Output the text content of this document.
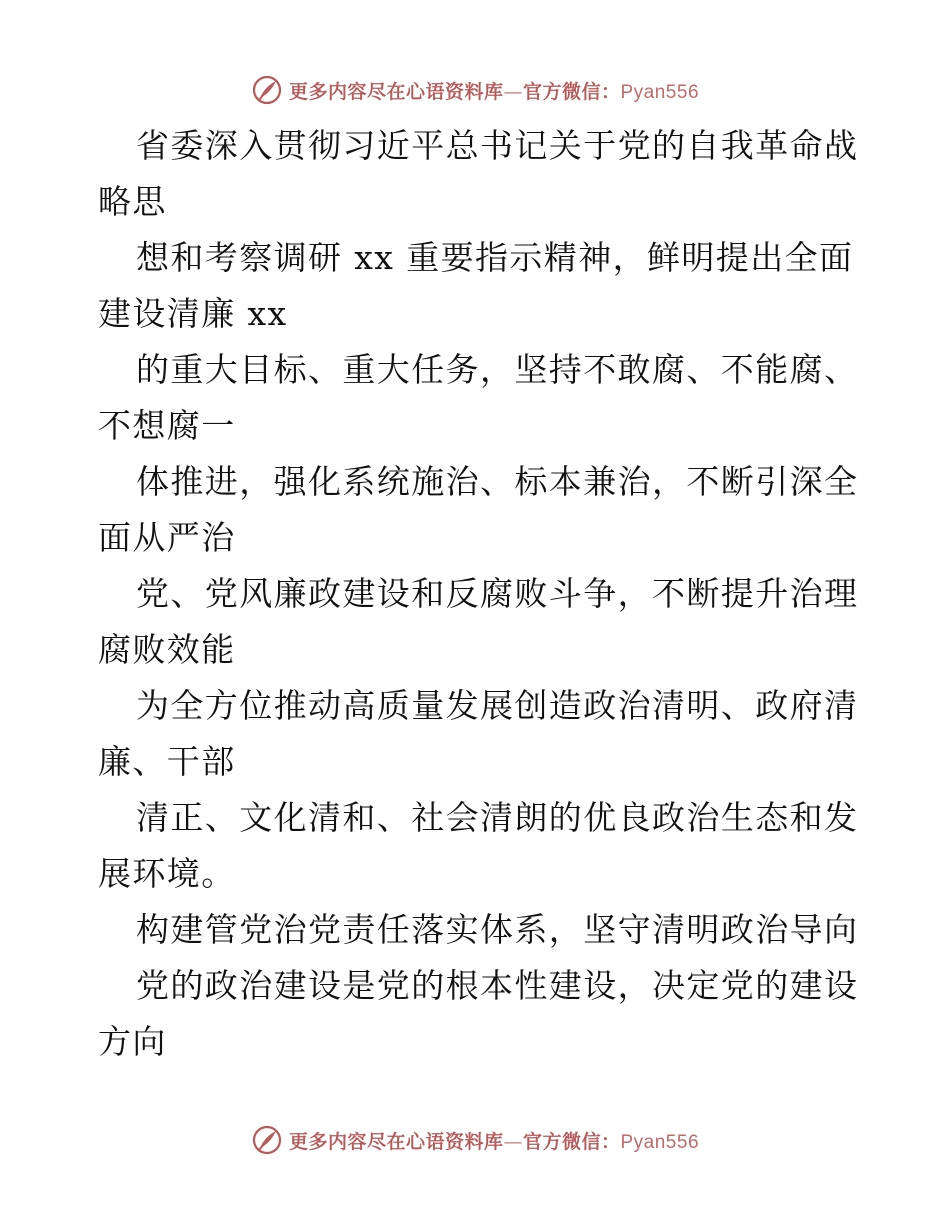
更多内容尽在心语资料库—官方微信：Pyan556
省委深入贯彻习近平总书记关于党的自我革命战
略思
想和考察调研 xx 重要指示精神，鲜明提出全面
建设清廉 xx
的重大目标、重大任务，坚持不敢腐、不能腐、
不想腐一
体推进，强化系统施治、标本兼治，不断引深全
面从严治
党、党风廉政建设和反腐败斗争，不断提升治理
腐败效能
为全方位推动高质量发展创造政治清明、政府清
廉、干部
清正、文化清和、社会清朗的优良政治生态和发
展环境。
构建管党治党责任落实体系，坚守清明政治导向
党的政治建设是党的根本性建设，决定党的建设
方向
更多内容尽在心语资料库—官方微信：Pyan556
